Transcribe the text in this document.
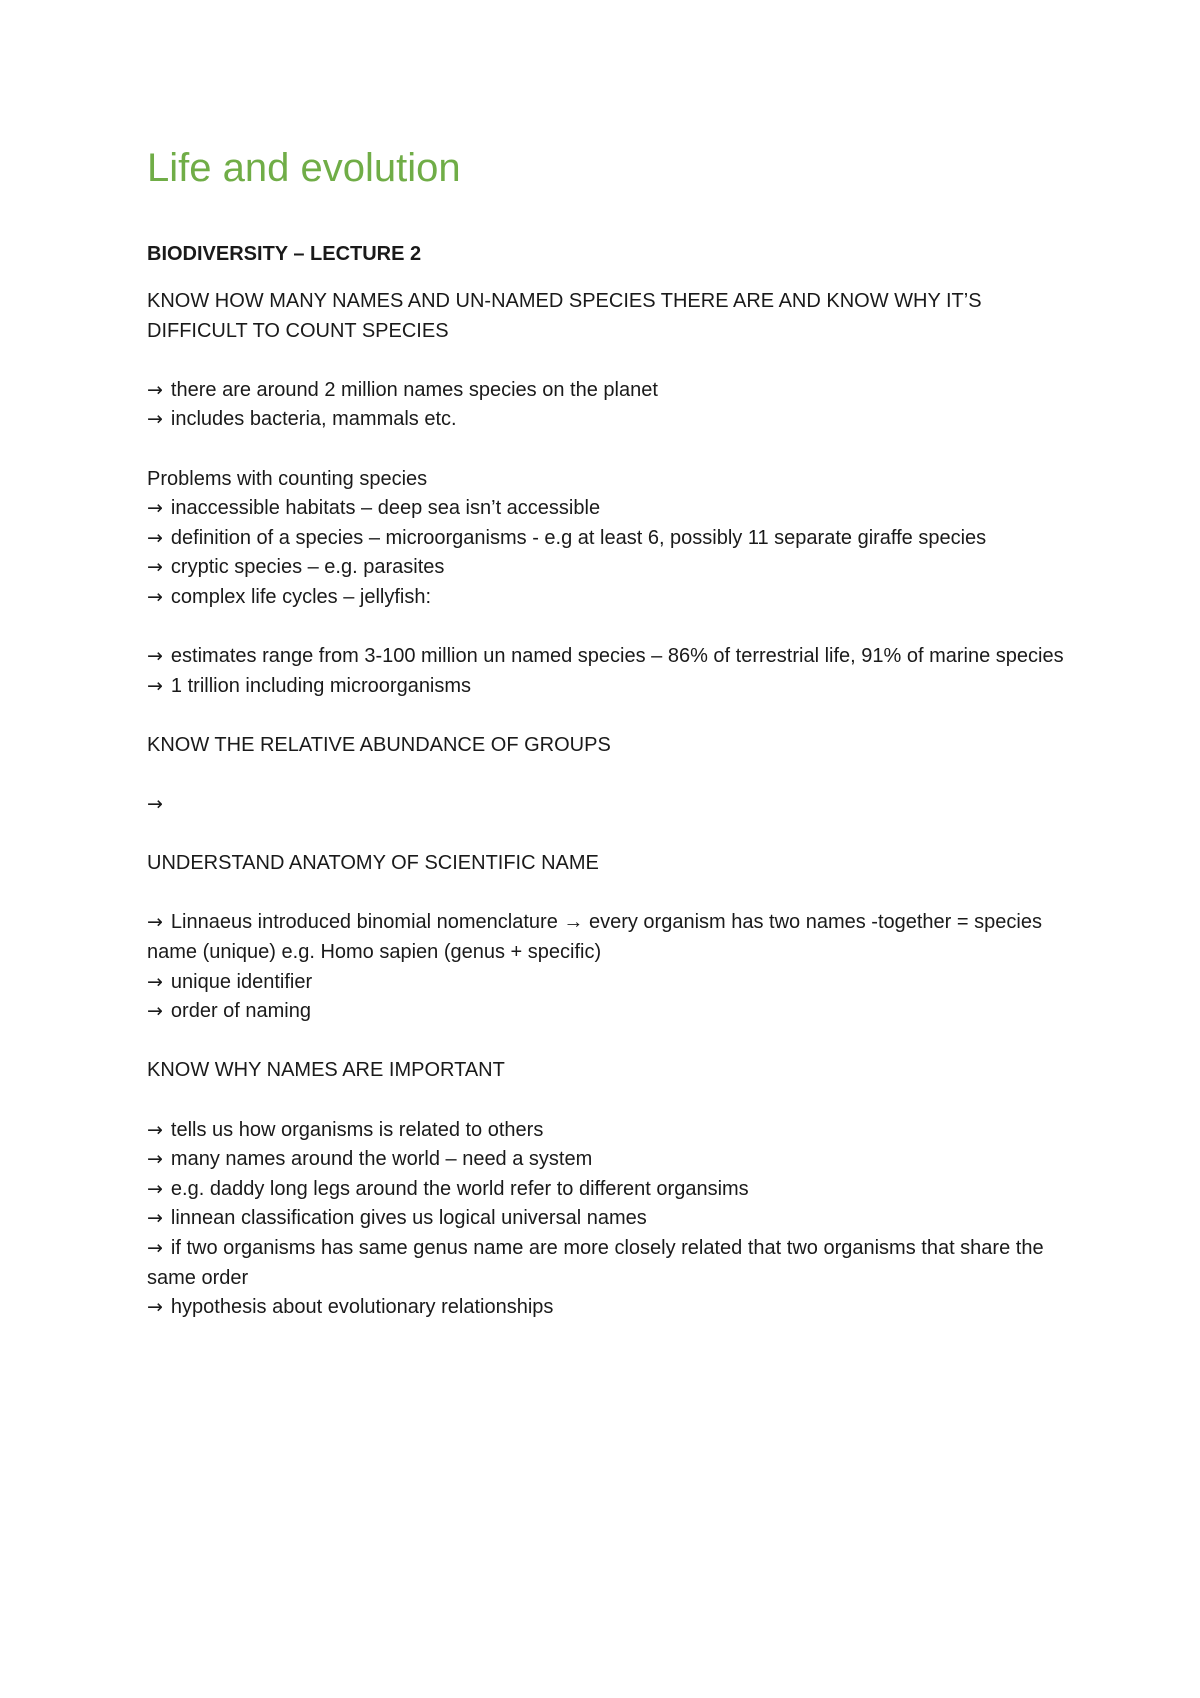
Life and evolution
BIODIVERSITY – LECTURE 2
KNOW HOW MANY NAMES AND UN-NAMED SPECIES THERE ARE AND KNOW WHY IT’S DIFFICULT TO COUNT SPECIES

→ there are around 2 million names species on the planet

→ includes bacteria, mammals etc.

Problems with counting species

→ inaccessible habitats – deep sea isn’t accessible

→ definition of a species – microorganisms - e.g at least 6, possibly 11 separate giraffe species

→ cryptic species – e.g. parasites

→ complex life cycles – jellyfish:

→ estimates range from 3-100 million un named species – 86% of terrestrial life, 91% of marine species

→ 1 trillion including microorganisms

KNOW THE RELATIVE ABUNDANCE OF GROUPS

→

UNDERSTAND ANATOMY OF SCIENTIFIC NAME

→ Linnaeus introduced binomial nomenclature → every organism has two names -together = species name (unique) e.g. Homo sapien (genus + specific)

→ unique identifier

→ order of naming

KNOW WHY NAMES ARE IMPORTANT

→ tells us how organisms is related to others

→ many names around the world – need a system

→ e.g. daddy long legs around the world refer to different organsims

→ linnean classification gives us logical universal names

→ if two organisms has same genus name are more closely related that two organisms that share the same order

→ hypothesis about evolutionary relationships
